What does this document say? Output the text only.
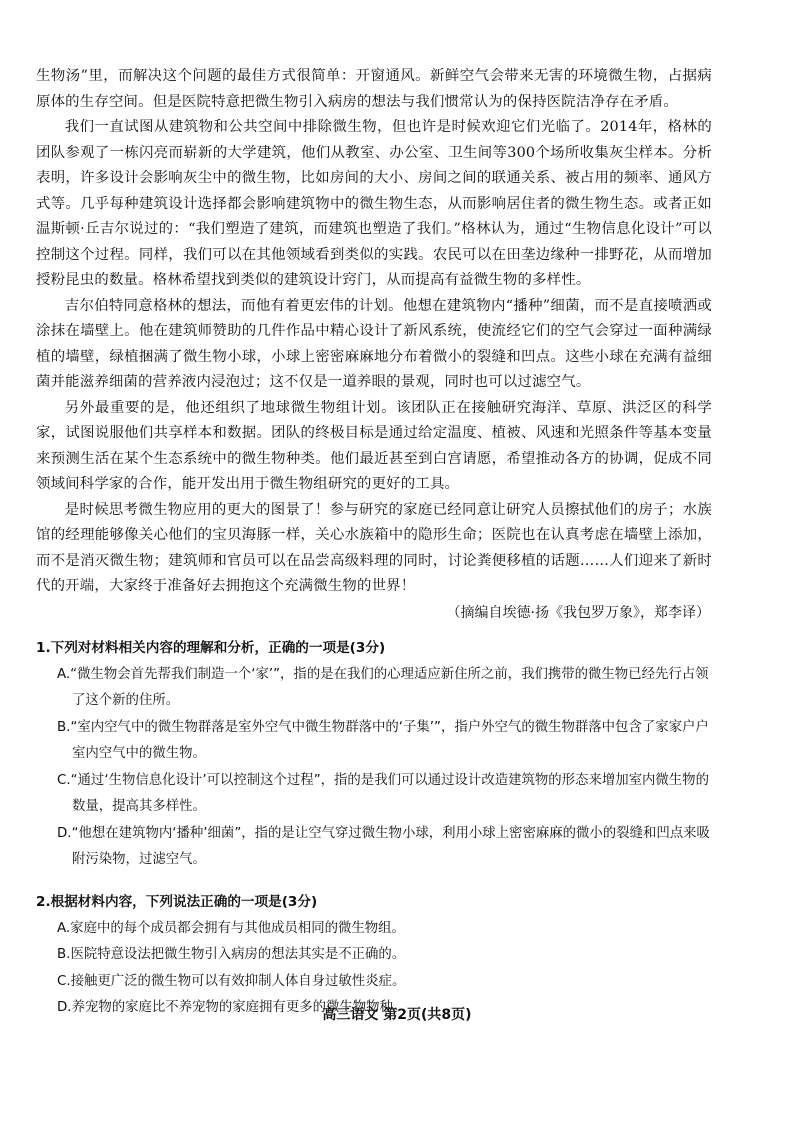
生物汤”里，而解决这个问题的最佳方式很简单：开窗通风。新鲜空气会带来无害的环境微生物，占据病原体的生存空间。但是医院特意把微生物引入病房的想法与我们惯常认为的保持医院洁净存在矛盾。

我们一直试图从建筑物和公共空间中排除微生物，但也许是时候欢迎它们光临了。2014年，格林的团队参观了一栋闪亮而崭新的大学建筑，他们从教室、办公室、卫生间等300个场所收集灰尘样本。分析表明，许多设计会影响灰尘中的微生物，比如房间的大小、房间之间的联通关系、被占用的频率、通风方式等。几乎每种建筑设计选择都会影响建筑物中的微生物生态，从而影响居住者的微生物生态。或者正如温斯顿·丘吉尔说过的：“我们塑造了建筑，而建筑也塑造了我们。”格林认为，通过“生物信息化设计”可以控制这个过程。同样，我们可以在其他领域看到类似的实践。农民可以在田垄边缘种一排野花，从而增加授粉昆虫的数量。格林希望找到类似的建筑设计窍门，从而提高有益微生物的多样性。

吉尔伯特同意格林的想法，而他有着更宏伟的计划。他想在建筑物内“播种”细菌，而不是直接喷洒或涂抹在墙壁上。他在建筑师赞助的几件作品中精心设计了新风系统，使流经它们的空气会穿过一面种满绿植的墙壁，绿植捆满了微生物小球，小球上密密麻麻地分布着微小的裂缝和凹点。这些小球在充满有益细菌并能滋养细菌的营养液内浸泡过；这不仅是一道养眼的景观，同时也可以过滤空气。

另外最重要的是，他还组织了地球微生物组计划。该团队正在接触研究海洋、草原、洪泛区的科学家，试图说服他们共享样本和数据。团队的终极目标是通过给定温度、植被、风速和光照条件等基本变量来预测生活在某个生态系统中的微生物种类。他们最近甚至到白宫请愿，希望推动各方的协调，促成不同领域间科学家的合作，能开发出用于微生物组研究的更好的工具。

是时候思考微生物应用的更大的图景了！参与研究的家庭已经同意让研究人员擦拭他们的房子；水族馆的经理能够像关心他们的宝贝海豚一样，关心水族箱中的隐形生命；医院也在认真考虑在墙壁上添加，而不是消灭微生物；建筑师和官员可以在品尝高级料理的同时，讨论粪便移植的话题……人们迎来了新时代的开端，大家终于准备好去拥抱这个充满微生物的世界！

（摘编自埃德·扬《我包罗万象》，郑李译）

1.下列对材料相关内容的理解和分析，正确的一项是(3分)

A.“微生物会首先帮我们制造一个‘家’”，指的是在我们的心理适应新住所之前，我们携带的微生物已经先行占领了这个新的住所。

B.“室内空气中的微生物群落是室外空气中微生物群落中的‘子集’”，指户外空气的微生物群落中包含了家家户户室内空气中的微生物。

C.“通过‘生物信息化设计’可以控制这个过程”，指的是我们可以通过设计改造建筑物的形态来增加室内微生物的数量，提高其多样性。

D.“他想在建筑物内‘播种’细菌”，指的是让空气穿过微生物小球，利用小球上密密麻麻的微小的裂缝和凹点来吸附污染物，过滤空气。

2.根据材料内容，下列说法正确的一项是(3分)

A.家庭中的每个成员都会拥有与其他成员相同的微生物组。

B.医院特意设法把微生物引入病房的想法其实是不正确的。

C.接触更广泛的微生物可以有效抑制人体自身过敏性炎症。

D.养宠物的家庭比不养宠物的家庭拥有更多的微生物物种。

高三语文 第2页(共8页)
